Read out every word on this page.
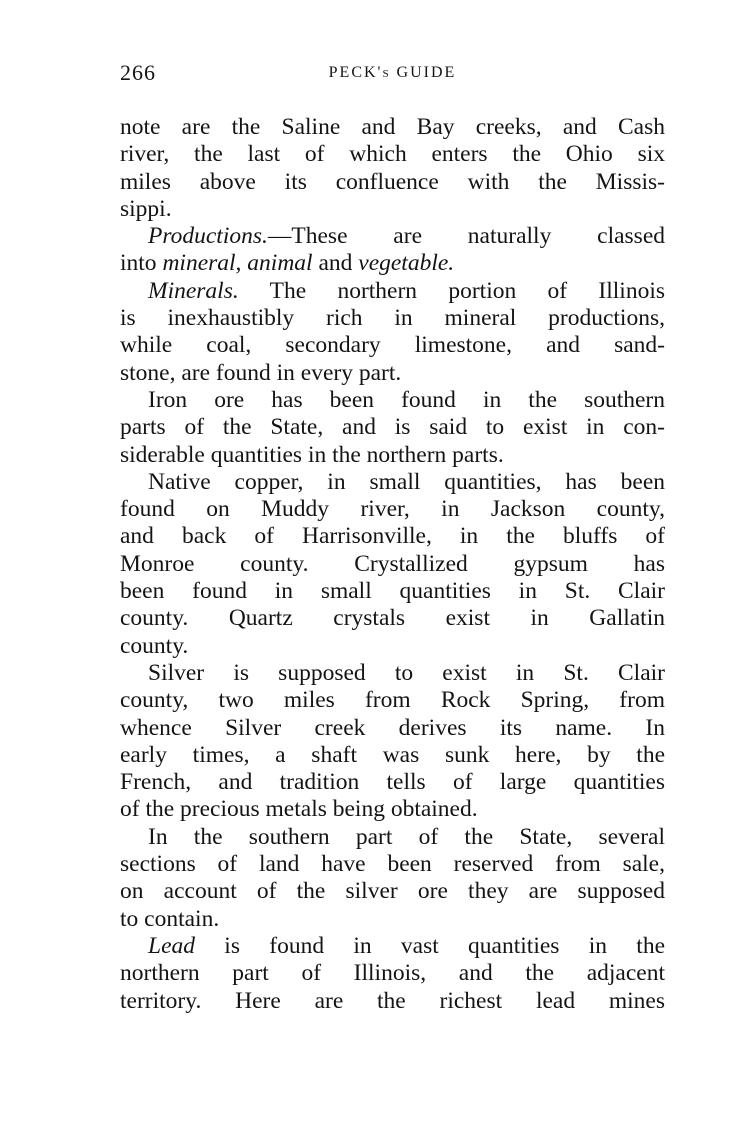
266	PECK's GUIDE
note are the Saline and Bay creeks, and Cash
river, the last of which enters the Ohio six
miles above its confluence with the Missis-
sippi.
Productions.—These are naturally classed
into mineral, animal and vegetable.
Minerals. The northern portion of Illinois
is inexhaustibly rich in mineral productions,
while coal, secondary limestone, and sand-
stone, are found in every part.
Iron ore has been found in the southern
parts of the State, and is said to exist in con-
siderable quantities in the northern parts.
Native copper, in small quantities, has been
found on Muddy river, in Jackson county,
and back of Harrisonville, in the bluffs of
Monroe county. Crystallized gypsum has
been found in small quantities in St. Clair
county. Quartz crystals exist in Gallatin
county.
Silver is supposed to exist in St. Clair
county, two miles from Rock Spring, from
whence Silver creek derives its name. In
early times, a shaft was sunk here, by the
French, and tradition tells of large quantities
of the precious metals being obtained.
In the southern part of the State, several
sections of land have been reserved from sale,
on account of the silver ore they are supposed
to contain.
Lead is found in vast quantities in the
northern part of Illinois, and the adjacent
territory. Here are the richest lead mines
